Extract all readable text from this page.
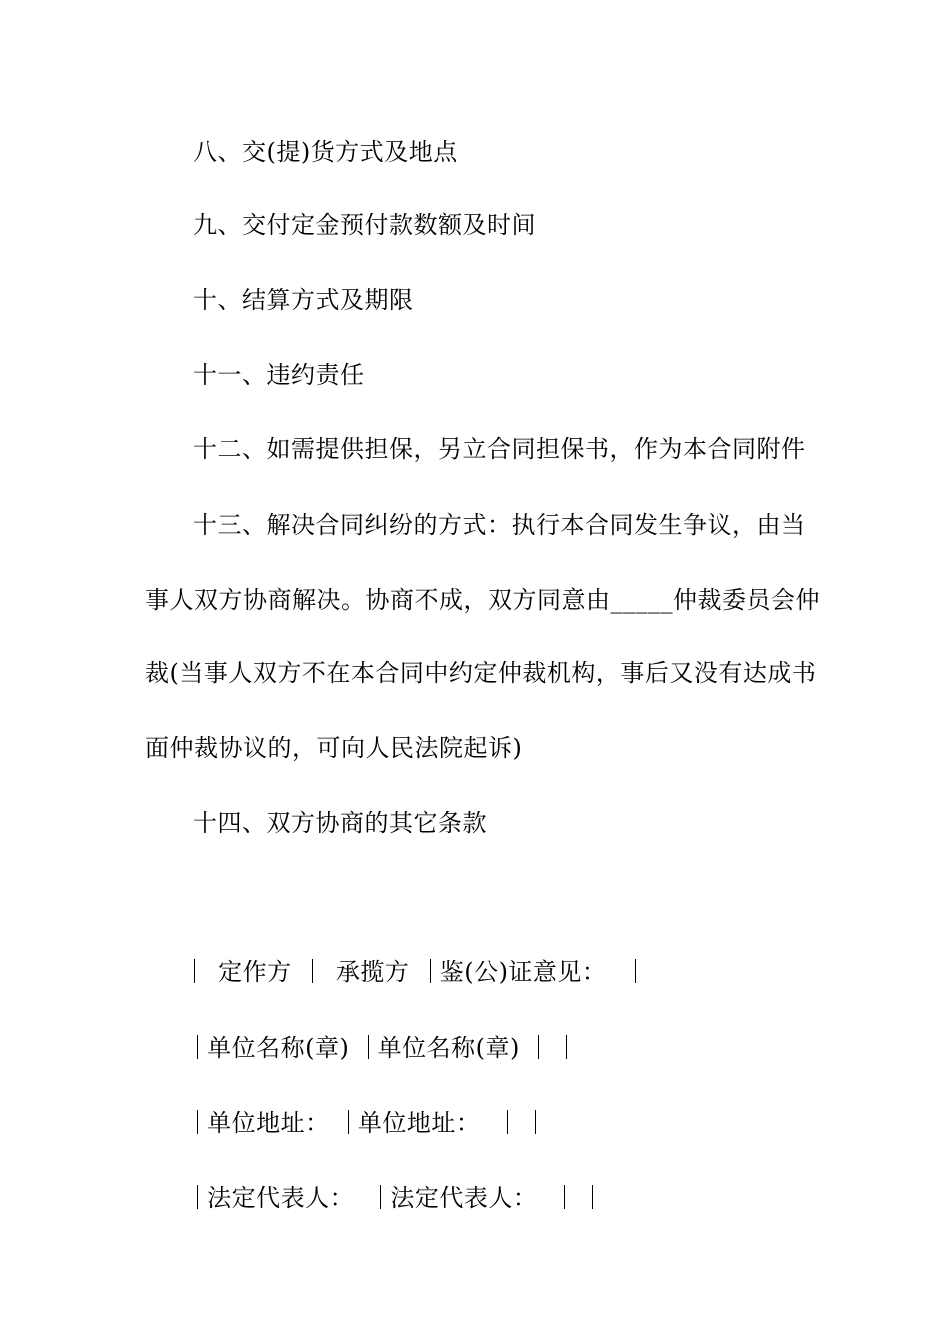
八、交(提)货方式及地点
九、交付定金预付款数额及时间
十、结算方式及期限
十一、违约责任
十二、如需提供担保，另立合同担保书，作为本合同附件
十三、解决合同纠纷的方式：执行本合同发生争议，由当
事人双方协商解决。协商不成，双方同意由_____仲裁委员会仲
裁(当事人双方不在本合同中约定仲裁机构，事后又没有达成书
面仲裁协议的，可向人民法院起诉)
十四、双方协商的其它条款
定作方 承揽方 鉴(公)证意见：
单位名称(章) 单位名称(章)
单位地址： 单位地址：
法定代表人： 法定代表人：
